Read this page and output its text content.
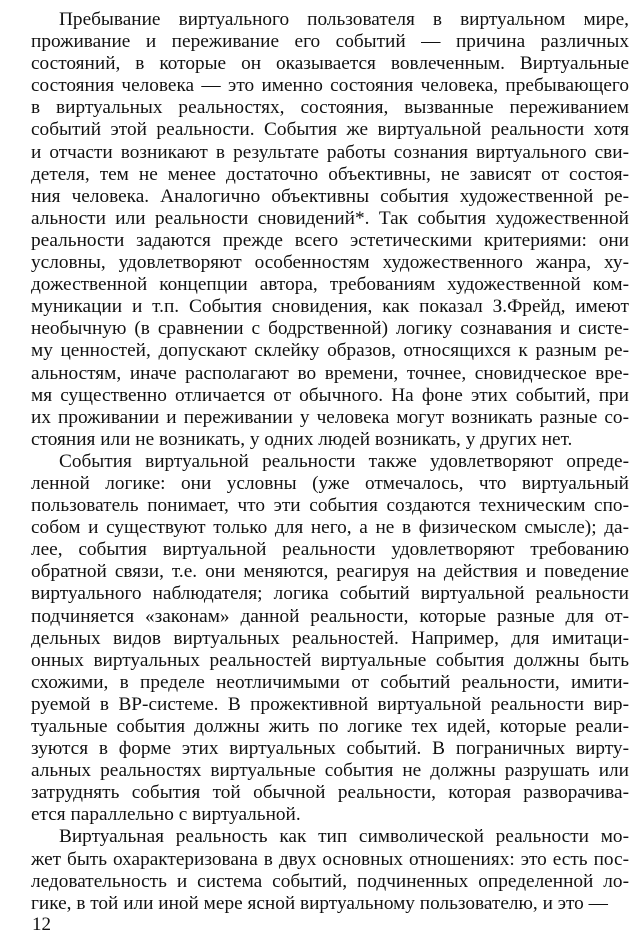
Пребывание виртуального пользователя в виртуальном мире,
проживание и переживание его событий — причина различных
состояний, в которые он оказывается вовлеченным. Виртуальные
состояния человека — это именно состояния человека, пребывающего
в виртуальных реальностях, состояния, вызванные переживанием
событий этой реальности. События же виртуальной реальности хотя
и отчасти возникают в результате работы сознания виртуального сви-
детеля, тем не менее достаточно объективны, не зависят от состоя-
ния человека. Аналогично объективны события художественной ре-
альности или реальности сновидений*. Так события художественной
реальности задаются прежде всего эстетическими критериями: они
условны, удовлетворяют особенностям художественного жанра, ху-
дожественной концепции автора, требованиям художественной ком-
муникации и т.п. События сновидения, как показал З.Фрейд, имеют
необычную (в сравнении с бодрственной) логику сознавания и систе-
му ценностей, допускают склейку образов, относящихся к разным ре-
альностям, иначе располагают во времени, точнее, сновидческое вре-
мя существенно отличается от обычного. На фоне этих событий, при
их проживании и переживании у человека могут возникать разные со-
стояния или не возникать, у одних людей возникать, у других нет.
События виртуальной реальности также удовлетворяют опреде-
ленной логике: они условны (уже отмечалось, что виртуальный
пользователь понимает, что эти события создаются техническим спо-
собом и существуют только для него, а не в физическом смысле); да-
лее, события виртуальной реальности удовлетворяют требованию
обратной связи, т.е. они меняются, реагируя на действия и поведение
виртуального наблюдателя; логика событий виртуальной реальности
подчиняется «законам» данной реальности, которые разные для от-
дельных видов виртуальных реальностей. Например, для имитаци-
онных виртуальных реальностей виртуальные события должны быть
схожими, в пределе неотличимыми от событий реальности, имити-
руемой в ВР-системе. В прожективной виртуальной реальности вир-
туальные события должны жить по логике тех идей, которые реали-
зуются в форме этих виртуальных событий. В пограничных вирту-
альных реальностях виртуальные события не должны разрушать или
затруднять события той обычной реальности, которая разворачива-
ется параллельно с виртуальной.
Виртуальная реальность как тип символической реальности мо-
жет быть охарактеризована в двух основных отношениях: это есть пос-
ледовательность и система событий, подчиненных определенной ло-
гике, в той или иной мере ясной виртуальному пользователю, и это —
12
